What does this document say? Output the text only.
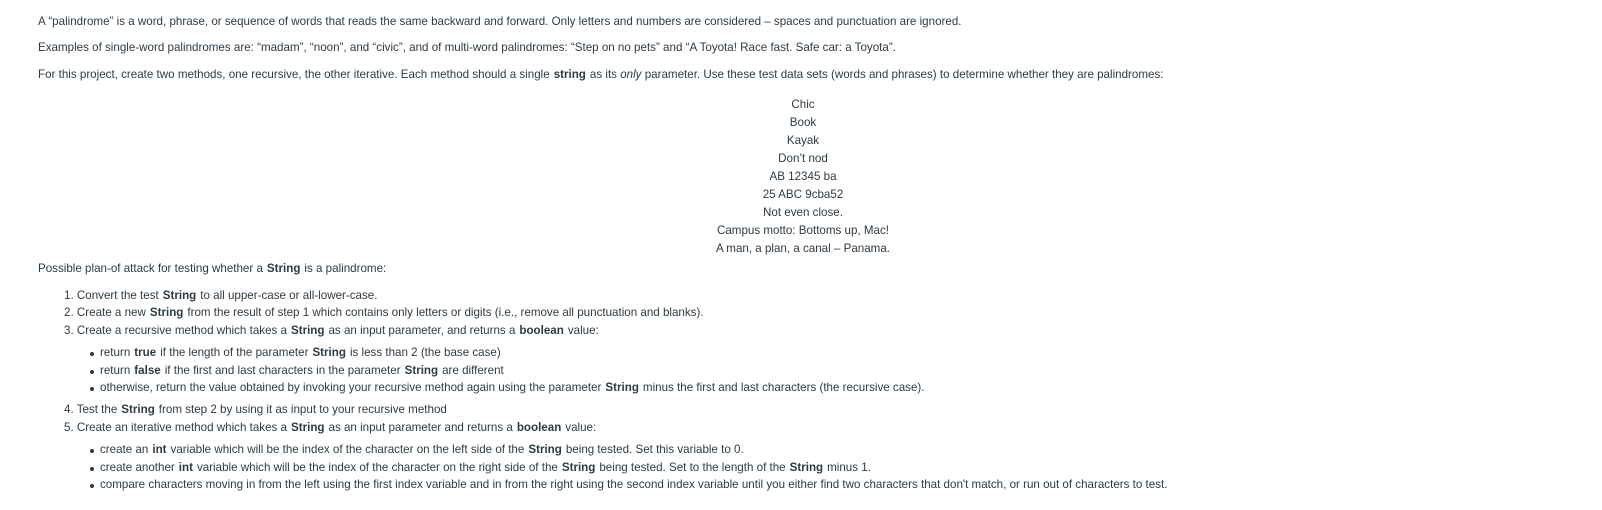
A “palindrome” is a word, phrase, or sequence of words that reads the same backward and forward. Only letters and numbers are considered – spaces and punctuation are ignored.

Examples of single-word palindromes are: “madam”, “noon”, and “civic”, and of multi-word palindromes: “Step on no pets” and “A Toyota! Race fast. Safe car: a Toyota”.

For this project, create two methods, one recursive, the other iterative. Each method should a single string as its only parameter. Use these test data sets (words and phrases) to determine whether they are palindromes:

Chic
Book
Kayak
Don’t nod
AB 12345 ba
25 ABC 9cba52
Not even close.
Campus motto: Bottoms up, Mac!
A man, a plan, a canal – Panama.

Possible plan-of attack for testing whether a String is a palindrome:

1. Convert the test String to all upper-case or all-lower-case.
2. Create a new String from the result of step 1 which contains only letters or digits (i.e., remove all punctuation and blanks).
3. Create a recursive method which takes a String as an input parameter, and returns a boolean value:
return true if the length of the parameter String is less than 2 (the base case)
return false if the first and last characters in the parameter String are different
otherwise, return the value obtained by invoking your recursive method again using the parameter String minus the first and last characters (the recursive case).
4. Test the String from step 2 by using it as input to your recursive method
5. Create an iterative method which takes a String as an input parameter and returns a boolean value:
create an int variable which will be the index of the character on the left side of the String being tested. Set this variable to 0.
create another int variable which will be the index of the character on the right side of the String being tested. Set to the length of the String minus 1.
compare characters moving in from the left using the first index variable and in from the right using the second index variable until you either find two characters that don't match, or run out of characters to test.
